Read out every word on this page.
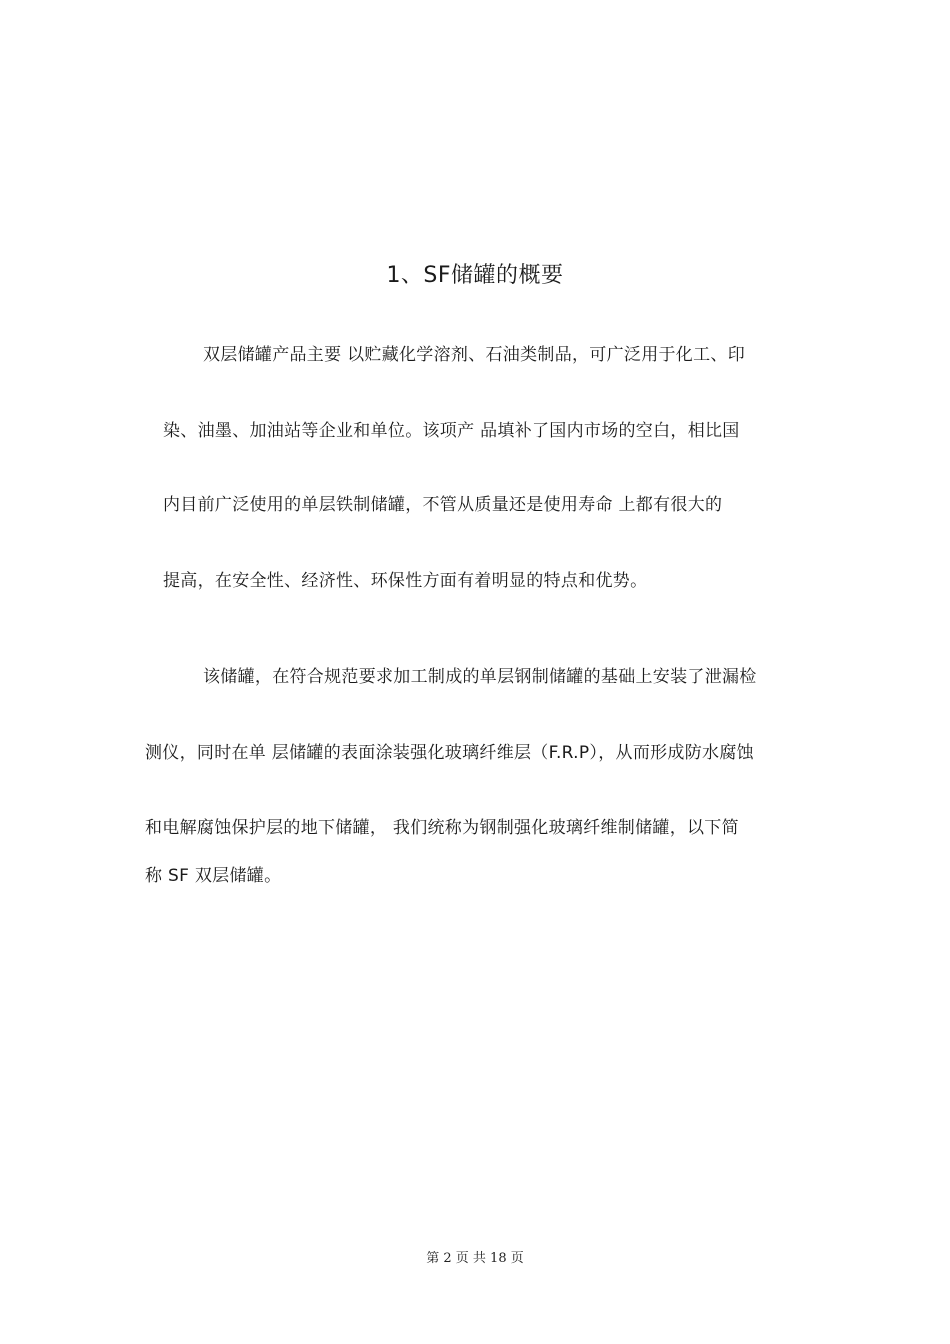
1、SF储罐的概要
双层储罐产品主要 以贮藏化学溶剂、石油类制品，可广泛用于化工、印
染、油墨、加油站等企业和单位。该项产 品填补了国内市场的空白，相比国
内目前广泛使用的单层铁制储罐，不管从质量还是使用寿命 上都有很大的
提高，在安全性、经济性、环保性方面有着明显的特点和优势。
该储罐，在符合规范要求加工制成的单层钢制储罐的基础上安装了泄漏检
测仪，同时在单 层储罐的表面涂装强化玻璃纤维层（F.R.P），从而形成防水腐蚀
和电解腐蚀保护层的地下储罐， 我们统称为钢制强化玻璃纤维制储罐，以下简
称 SF 双层储罐。
第 2 页 共 18 页
